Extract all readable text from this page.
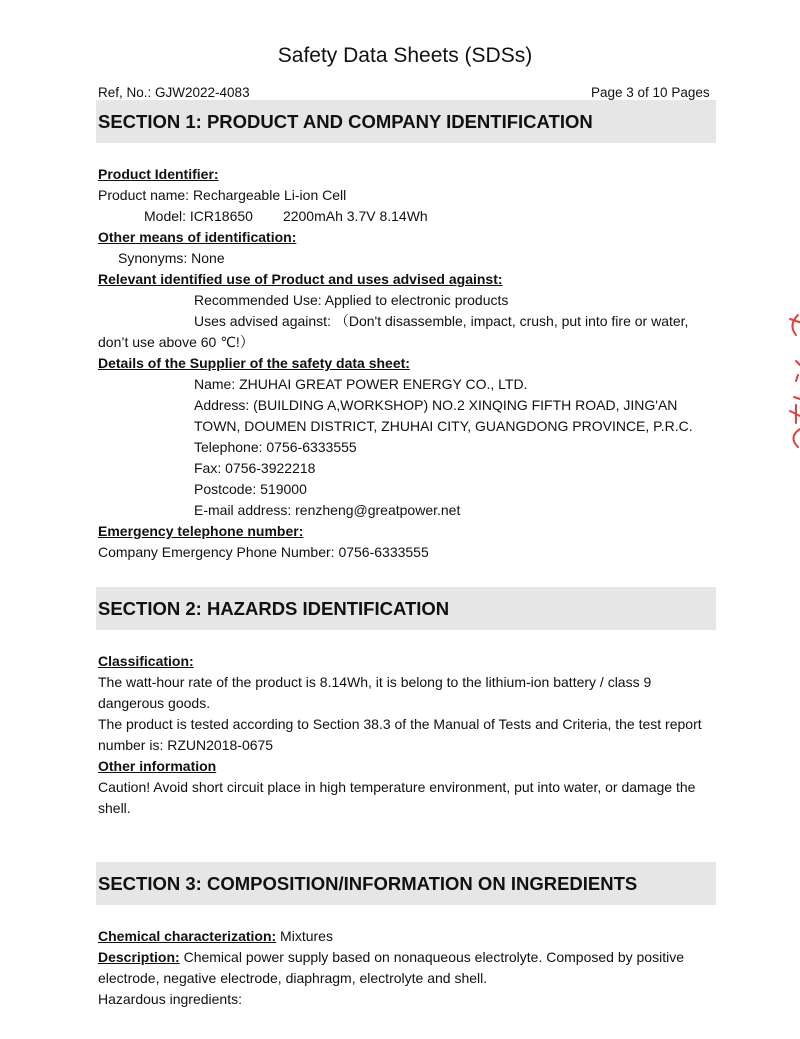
Safety Data Sheets (SDSs)
Ref, No.: GJW2022-4083	Page 3 of 10 Pages
SECTION 1: PRODUCT AND COMPANY IDENTIFICATION
Product Identifier:
Product name: Rechargeable Li-ion Cell
Model: ICR18650 2200mAh 3.7V 8.14Wh
Other means of identification:
Synonyms: None
Relevant identified use of Product and uses advised against:
Recommended Use: Applied to electronic products
Uses advised against: （Don't disassemble, impact, crush, put into fire or water,
don’t use above 60 ℃!）
Details of the Supplier of the safety data sheet:
Name: ZHUHAI GREAT POWER ENERGY CO., LTD.
Address: (BUILDING A,WORKSHOP) NO.2 XINQING FIFTH ROAD, JING'AN
TOWN, DOUMEN DISTRICT, ZHUHAI CITY, GUANGDONG PROVINCE, P.R.C.
Telephone: 0756-6333555
Fax: 0756-3922218
Postcode: 519000
E-mail address: renzheng@greatpower.net
Emergency telephone number:
Company Emergency Phone Number: 0756-6333555
SECTION 2: HAZARDS IDENTIFICATION
Classification:
The watt-hour rate of the product is 8.14Wh, it is belong to the lithium-ion battery / class 9
dangerous goods.
The product is tested according to Section 38.3 of the Manual of Tests and Criteria, the test report
number is: RZUN2018-0675
Other information
Caution! Avoid short circuit place in high temperature environment, put into water, or damage the
shell.
SECTION 3: COMPOSITION/INFORMATION ON INGREDIENTS
Chemical characterization: Mixtures
Description: Chemical power supply based on nonaqueous electrolyte. Composed by positive
electrode, negative electrode, diaphragm, electrolyte and shell.
Hazardous ingredients:
